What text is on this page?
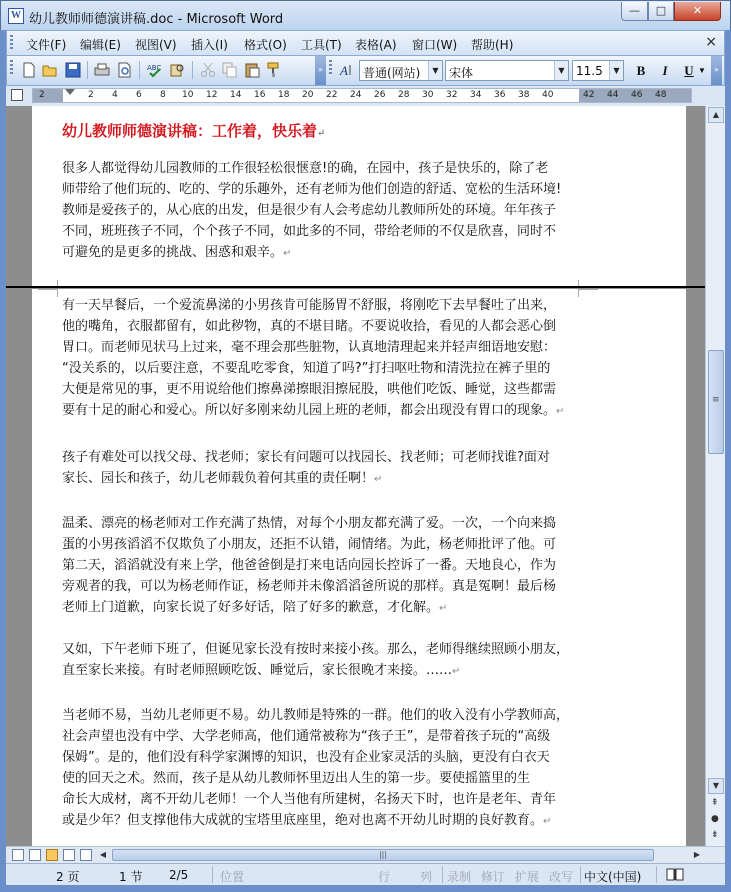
W 幼儿教师师德演讲稿.doc - Microsoft Word
—	□	✕
文件(F) 编辑(E) 视图(V) 插入(I) 格式(O) 工具(T) 表格(A) 窗口(W) 帮助(H)	×
ABC	» A 普通(网站)	▼ 宋体	▼ 11.5	▼	B	I	U ▼	»
2	2 4 6 8 10 12 14 16 18 20 22 24 26 28 30 32 34 36 38 40	42 44 46 48
幼儿教师师德演讲稿：工作着，快乐着↵
很多人都觉得幼儿园教师的工作很轻松很惬意!的确，在园中，孩子是快乐的，除了老
师带给了他们玩的、吃的、学的乐趣外，还有老师为他们创造的舒适、宽松的生活环境!
教师是爱孩子的，从心底的出发，但是很少有人会考虑幼儿教师所处的环境。年年孩子
不同，班班孩子不同，个个孩子不同，如此多的不同，带给老师的不仅是欣喜，同时不
可避免的是更多的挑战、困惑和艰辛。↵
有一天早餐后，一个爱流鼻涕的小男孩肯可能肠胃不舒服，将刚吃下去早餐吐了出来，
他的嘴角，衣服都留有，如此秽物，真的不堪目睹。不要说收拾，看见的人都会恶心倒
胃口。而老师见状马上过来，毫不理会那些脏物，认真地清理起来并轻声细语地安慰：
“没关系的，以后要注意，不要乱吃零食，知道了吗?”打扫呕吐物和清洗拉在裤子里的
大便是常见的事，更不用说给他们擦鼻涕擦眼泪擦屁股，哄他们吃饭、睡觉，这些都需
要有十足的耐心和爱心。所以好多刚来幼儿园上班的老师，都会出现没有胃口的现象。↵
孩子有难处可以找父母、找老师；家长有问题可以找园长、找老师；可老师找谁?面对
家长、园长和孩子，幼儿老师载负着何其重的责任啊！↵
温柔、漂亮的杨老师对工作充满了热情，对每个小朋友都充满了爱。一次，一个向来捣
蛋的小男孩滔滔不仅欺负了小朋友，还拒不认错，闹情绪。为此，杨老师批评了他。可
第二天，滔滔就没有来上学，他爸爸倒是打来电话向园长控诉了一番。天地良心，作为
旁观者的我，可以为杨老师作证，杨老师并未像滔滔爸所说的那样。真是冤啊！最后杨
老师上门道歉，向家长说了好多好话，陪了好多的歉意，才化解。↵
又如，下午老师下班了，但诞见家长没有按时来接小孩。那么，老师得继续照顾小朋友，
直至家长来接。有时老师照顾吃饭、睡觉后，家长很晚才来接。……↵
当老师不易，当幼儿老师更不易。幼儿教师是特殊的一群。他们的收入没有小学教师高，
社会声望也没有中学、大学老师高，他们通常被称为“孩子王”，是带着孩子玩的“高级
保姆”。是的，他们没有科学家渊博的知识，也没有企业家灵活的头脑，更没有白衣天
使的回天之术。然而，孩子是从幼儿教师怀里迈出人生的第一步。要使摇篮里的生
命长大成材，离不开幼儿老师！一个人当他有所建树，名扬天下时，也许是老年、青年
或是少年？但支撑他伟大成就的宝塔里底座里，绝对也离不开幼儿时期的良好教育。↵
▲
≡
▼
⇞
●
⇟
◀	|||	▶
2 页	1 节 2/5	位置	行 列 录制 修订 扩展 改写 中文(中国)
